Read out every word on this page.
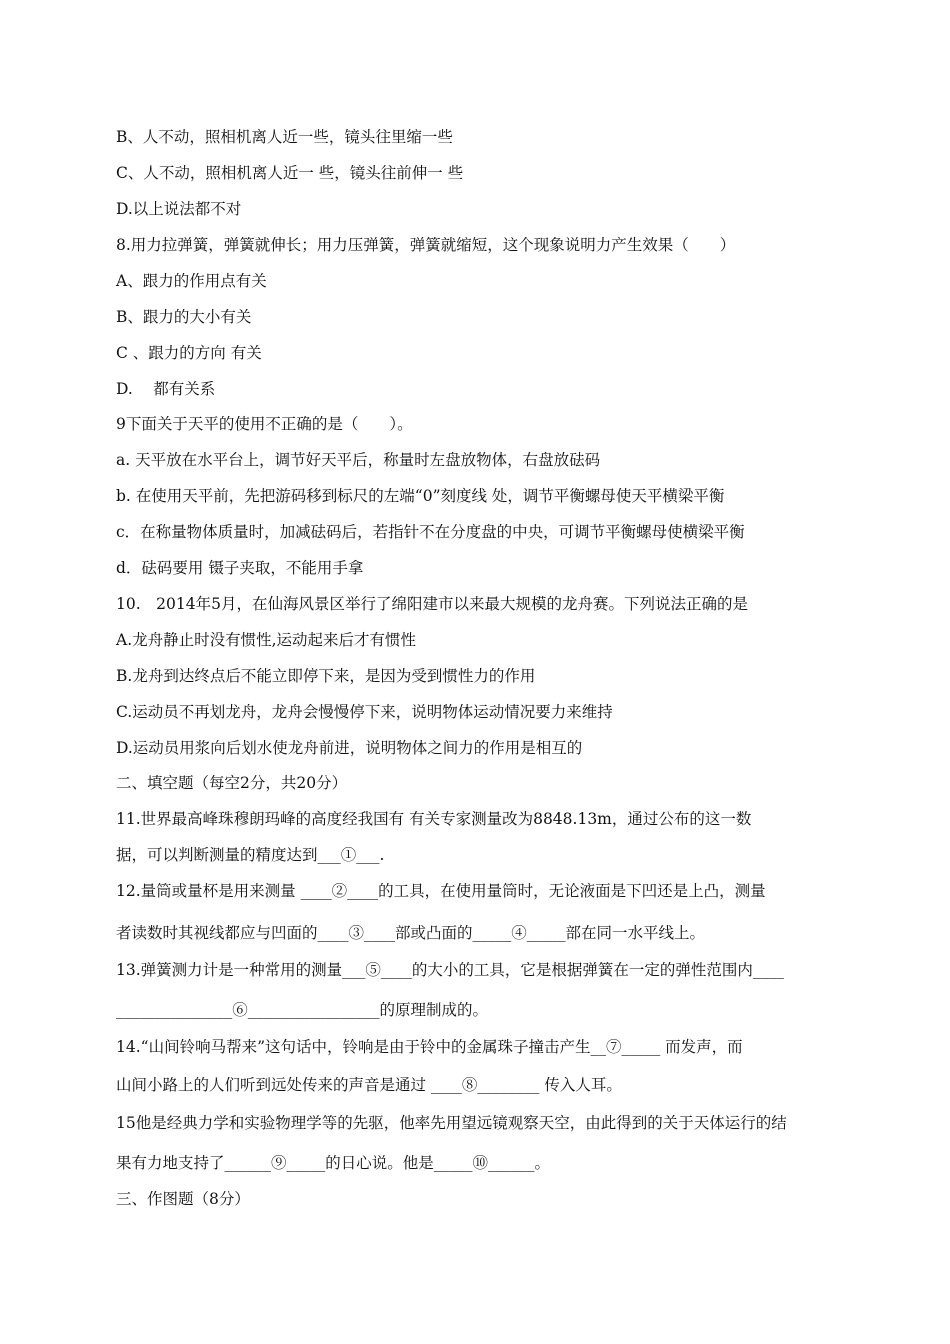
B、人不动，照相机离人近一些，镜头往里缩一些
C、人不动，照相机离人近一 些，镜头往前伸一 些
D.以上说法都不对
8.用力拉弹簧，弹簧就伸长；用力压弹簧，弹簧就缩短，这个现象说明力产生效果（　　）
A、跟力的作用点有关
B、跟力的大小有关
C 、跟力的方向 有关
D.　 都有关系
9下面关于天平的使用不正确的是（　　）。
a. 天平放在水平台上，调节好天平后，称量时左盘放物体，右盘放砝码
b. 在使用天平前，先把游码移到标尺的左端“0”刻度线 处，调节平衡螺母使天平横梁平衡
c．在称量物体质量时，加减砝码后，若指针不在分度盘的中央，可调节平衡螺母使横梁平衡
d．砝码要用 镊子夹取，不能用手拿
10.　2014年5月，在仙海风景区举行了绵阳建市以来最大规模的龙舟赛。下列说法正确的是
A.龙舟静止时没有惯性,运动起来后才有惯性
B.龙舟到达终点后不能立即停下来，是因为受到惯性力的作用
C.运动员不再划龙舟，龙舟会慢慢停下来，说明物体运动情况要力来维持
D.运动员用浆向后划水使龙舟前进，说明物体之间力的作用是相互的
二、填空题（每空2分，共20分）
11.世界最高峰珠穆朗玛峰的高度经我国有 有关专家测量改为8848.13m，通过公布的这一数
据，可以判断测量的精度达到___①___.
12.量筒或量杯是用来测量 ____②____的工具，在使用量筒时，无论液面是下凹还是上凸，测量
者读数时其视线都应与凹面的____③____部或凸面的_____④_____部在同一水平线上。
13.弹簧测力计是一种常用的测量___⑤____的大小的工具，它是根据弹簧在一定的弹性范围内____
_______________⑥_________________的原理制成的。
14.“山间铃响马帮来”这句话中，铃响是由于铃中的金属珠子撞击产生__⑦_____ 而发声，而
山间小路上的人们听到远处传来的声音是通过 ____⑧________ 传入人耳。
15他是经典力学和实验物理学等的先驱，他率先用望远镜观察天空，由此得到的关于天体运行的结
果有力地支持了______⑨_____的日心说。他是_____⑩______。
三、作图题（8分）
